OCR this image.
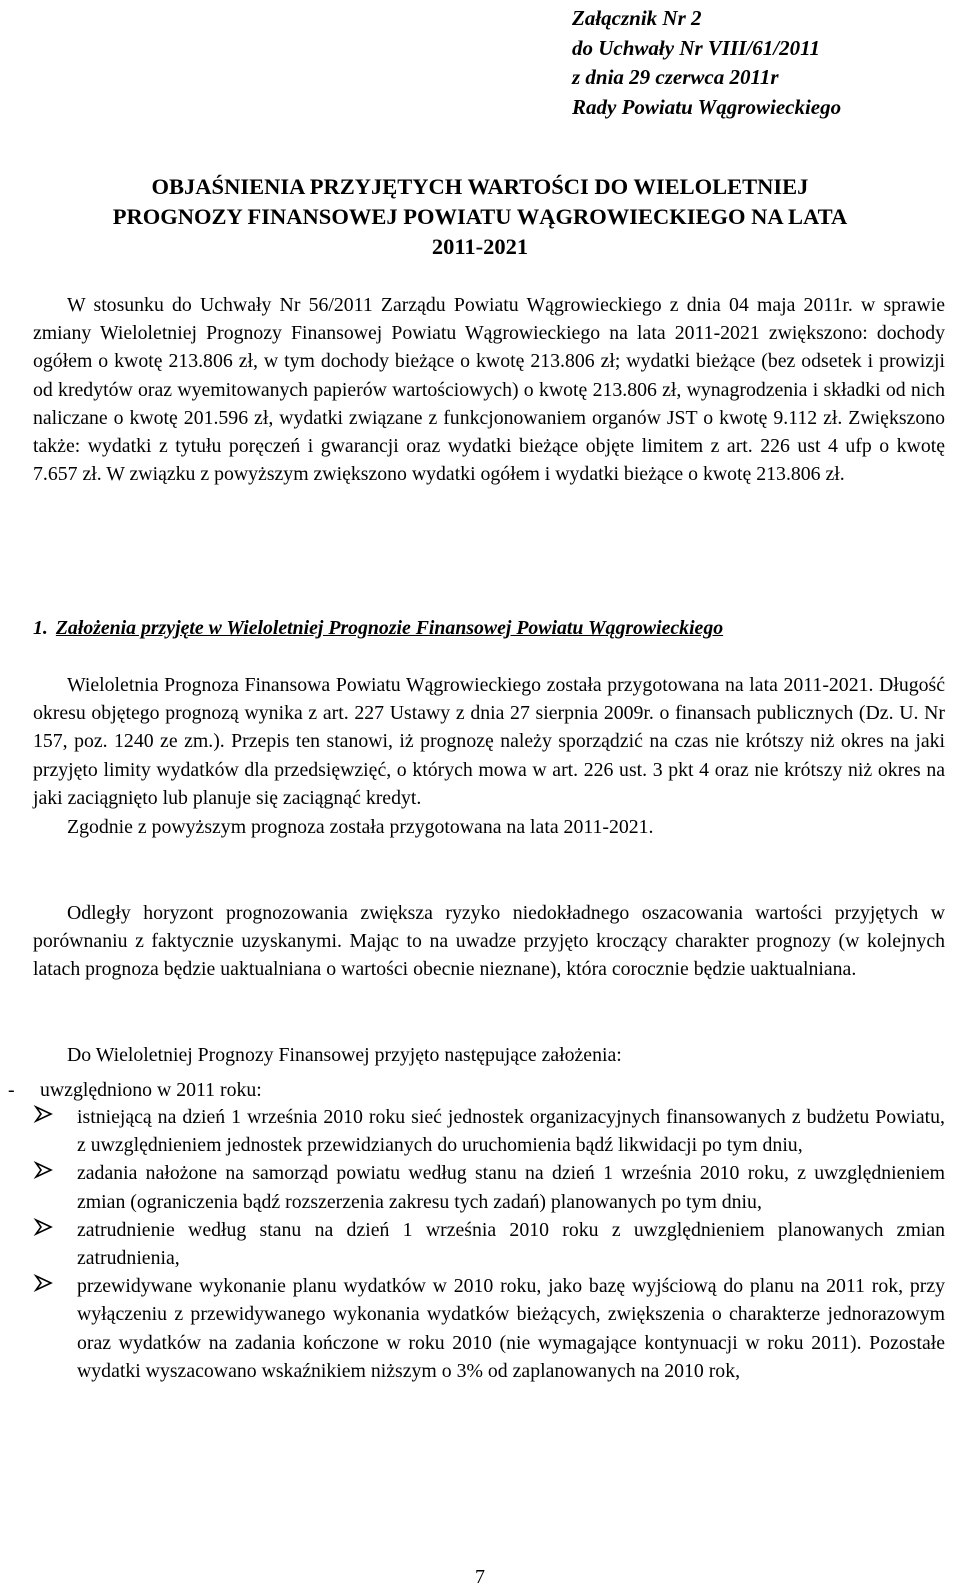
Załącznik Nr 2
do Uchwały Nr VIII/61/2011
z dnia 29 czerwca 2011r
Rady Powiatu Wągrowieckiego
OBJAŚNIENIA PRZYJĘTYCH WARTOŚCI DO WIELOLETNIEJ
PROGNOZY FINANSOWEJ POWIATU WĄGROWIECKIEGO NA LATA
2011-2021

W stosunku do Uchwały Nr 56/2011 Zarządu Powiatu Wągrowieckiego z dnia 04 maja 2011r. w sprawie zmiany Wieloletniej Prognozy Finansowej Powiatu Wągrowieckiego na lata 2011-2021 zwiększono: dochody ogółem o kwotę 213.806 zł, w tym dochody bieżące o kwotę 213.806 zł; wydatki bieżące (bez odsetek i prowizji od kredytów oraz wyemitowanych papierów wartościowych) o kwotę 213.806 zł, wynagrodzenia i składki od nich naliczane o kwotę 201.596 zł, wydatki związane z funkcjonowaniem organów JST o kwotę 9.112 zł. Zwiększono także: wydatki z tytułu poręczeń i gwarancji oraz wydatki bieżące objęte limitem z art. 226 ust 4 ufp o kwotę 7.657 zł. W związku z powyższym zwiększono wydatki ogółem i wydatki bieżące o kwotę 213.806 zł.

1. Założenia przyjęte w Wieloletniej Prognozie Finansowej Powiatu Wągrowieckiego

Wieloletnia Prognoza Finansowa Powiatu Wągrowieckiego została przygotowana na lata 2011-2021. Długość okresu objętego prognozą wynika z art. 227 Ustawy z dnia 27 sierpnia 2009r. o finansach publicznych (Dz. U. Nr 157, poz. 1240 ze zm.). Przepis ten stanowi, iż prognozę należy sporządzić na czas nie krótszy niż okres na jaki przyjęto limity wydatków dla przedsięwzięć, o których mowa w art. 226 ust. 3 pkt 4 oraz nie krótszy niż okres na jaki zaciągnięto lub planuje się zaciągnąć kredyt.

Zgodnie z powyższym prognoza została przygotowana na lata 2011-2021.

Odległy horyzont prognozowania zwiększa ryzyko niedokładnego oszacowania wartości przyjętych w porównaniu z faktycznie uzyskanymi. Mając to na uwadze przyjęto kroczący charakter prognozy (w kolejnych latach prognoza będzie uaktualniana o wartości obecnie nieznane), która corocznie będzie uaktualniana.

Do Wieloletniej Prognozy Finansowej przyjęto następujące założenia:

- uwzględniono w 2011 roku:
istniejącą na dzień 1 września 2010 roku sieć jednostek organizacyjnych finansowanych z budżetu Powiatu, z uwzględnieniem jednostek przewidzianych do uruchomienia bądź likwidacji po tym dniu,
zadania nałożone na samorząd powiatu według stanu na dzień 1 września 2010 roku, z uwzględnieniem zmian (ograniczenia bądź rozszerzenia zakresu tych zadań) planowanych po tym dniu,
zatrudnienie według stanu na dzień 1 września 2010 roku z uwzględnieniem planowanych zmian zatrudnienia,
przewidywane wykonanie planu wydatków w 2010 roku, jako bazę wyjściową do planu na 2011 rok, przy wyłączeniu z przewidywanego wykonania wydatków bieżących, zwiększenia o charakterze jednorazowym oraz wydatków na zadania kończone w roku 2010 (nie wymagające kontynuacji w roku 2011). Pozostałe wydatki wyszacowano wskaźnikiem niższym o 3% od zaplanowanych na 2010 rok,
7
